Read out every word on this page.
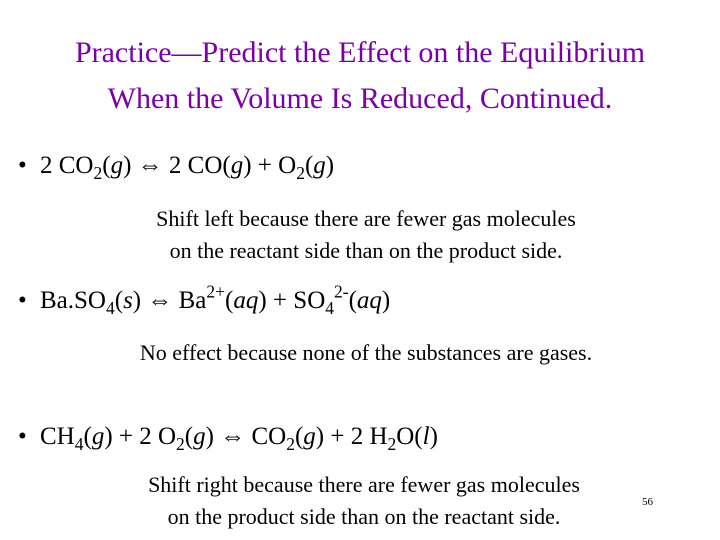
Practice—Predict the Effect on the Equilibrium
When the Volume Is Reduced, Continued.
• 2 $CO_2(g)$ ⇔ 2 $CO(g) + O_2(g)$
Shift left because there are fewer gas molecules
on the reactant side than on the product side.
• $Ba.SO_4(s)$ ⇔ $Ba^{2+}(aq) + SO_4^{2-}(aq)$
No effect because none of the substances are gases.
• $CH_4(g) + 2$ $O_2(g)$ ⇔ $CO_2(g) + 2$ $H_2O(l)$
Shift right because there are fewer gas molecules
on the product side than on the reactant side.
56
